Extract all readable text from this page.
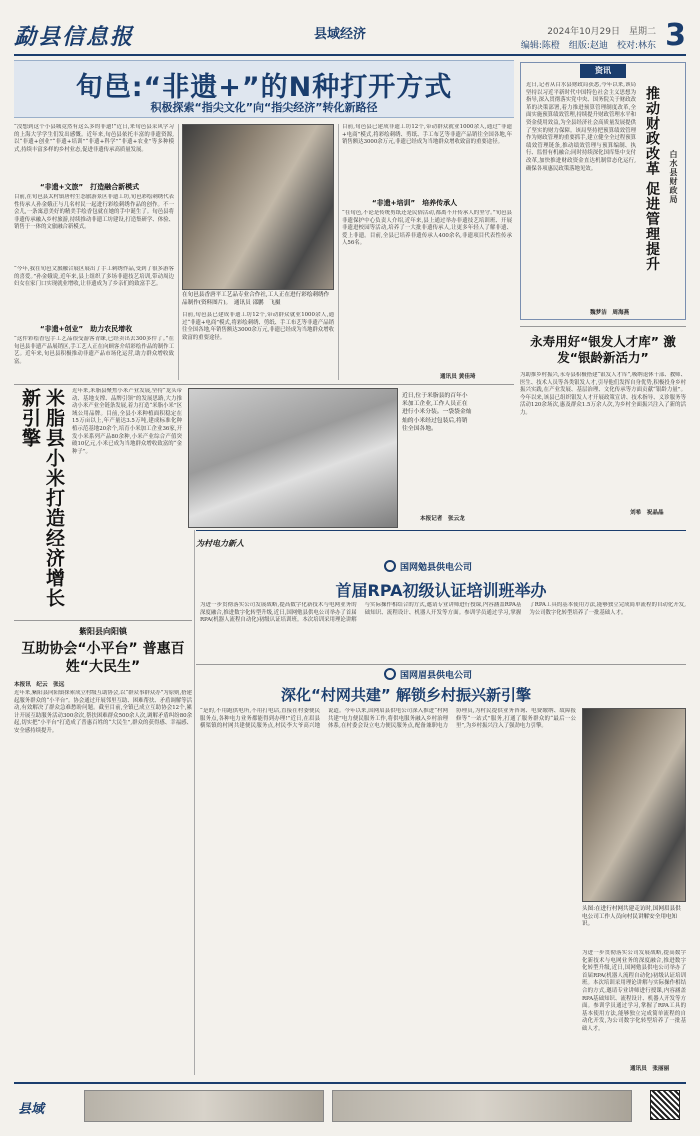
勐县信息报	县域经济	2024年10月29日　星期二
编辑:陈橙　组版:赵迪　校对:林东 3
旬邑:“非遗+”的N种打开方式
积极探索“指尖文化”向“指尖经济”转化新路径
“没想到这个小县城竟然有这么多的非遗!”近日,来旬邑县采风学习的上海大学学生们发出感慨。近年来,旬邑县依托丰富的非遗资源,以“非遗+创业”“非遗+培训”“非遗+科学”“非遗+农业”等多种模式,持续丰富多样的乡村业态,促进非遗传承高质量发展。
“非遗+文旅”　打造融合新模式
目前,在旬邑县太村镇唐村生态旅游景区非遗工坊,旬邑彩绘刺绣代表性传承人孙金娥正与几名村民一起进行彩绘刺绣作品的创作。不一会儿,一条寓意美好的精美手绘香包就在她的手中诞生了。旬邑县将非遗传承融入乡村旅游,持续推动非遗工坊建设,打造集研学、体验、销售于一体的文旅融合新模式。
“今年,我在旬邑文旅融合展区展出了手工刺绣作品,受到了很多游客的喜爱。”孙金娥说,近年来,县上组织了多场非遗技艺培训,带动周边妇女在家门口实现就业增收,让非遗成为了乡亲们的致富手艺。
“非遗+创业”　助力农民增收
“这件彩绘香包手工艺品很受游客青睐,已经卖出去300多件了。”在旬邑县非遗产品展销区,手工艺人正在向顾客介绍彩绘作品的制作工艺。近年来,旬邑县积极推动非遗产品市场化运营,助力群众增收致富。
在旬邑县香唐平工艺品专业合作社,工人正在进行彩绘刺绣作品制作(资料图片)。　通讯员 邵鹏　飞摄
目前,旬邑县已建成非遗工坊12个,带动群众就业1000余人,通过“非遗+电商”模式,将彩绘刺绣、剪纸、手工布艺等非遗产品销往全国各地,年销售额达3000余万元,非遗已经成为当地群众增收致富的重要途径。
目前,旬邑县已建成非遗工坊12个,带动群众就业1000余人,通过“非遗+电商”模式,将彩绘刺绣、剪纸、手工布艺等非遗产品销往全国各地,年销售额达3000余万元,非遗已经成为当地群众增收致富的重要途径。
“非遗+培训”　培养传承人
“在旬邑,不论是传统剪纸还是民俗活动,都离不开传承人的坚守。”旬邑县非遗保护中心负责人介绍,近年来,县上通过举办非遗技艺培训班、开展非遗进校园等活动,培养了一大批非遗传承人,让更多年轻人了解非遗、爱上非遗。目前,全县已培养非遗传承人400余名,非遗项目代表性传承人56名。
通讯员 黄佳琦
资讯
近日,记者从白水县财政局获悉,今年以来,该局坚持以习近平新时代中国特色社会主义思想为指导,深入贯彻落实党中央、国务院关于财政改革的决策部署,着力推进预算管理制度改革,全面实施预算绩效管理,持续提升财政管理水平和资金使用效益,为全县经济社会高质量发展提供了坚实的财力保障。该局坚持把预算绩效管理作为财政管理的重要抓手,建立健全全过程预算绩效管理链条,推动绩效管理与预算编制、执行、监督有机融合;同时持续深化国库集中支付改革,加快推进财政资金直达机制常态化运行,确保各项惠民政策落地见效。	推动财政改革 促进管理提升 白水县财政局
魏梦洁　周海燕
永寿用好“银发人才库” 激发“银龄新活力”
为助推乡村振兴,永寿县积极搭建“银发人才库”,吸纳退休干部、教师、医生、技术人员等各类银发人才,引导他们发挥自身优势,积极投身乡村振兴实践,在产业发展、基层治理、文化传承等方面贡献“银龄力量”。今年以来,该县已组织银发人才开展政策宣讲、技术指导、义诊服务等活动120余场次,惠及群众1.5万余人次,为乡村全面振兴注入了新的活力。
刘希　祝晶晶
米脂县小米打造经济增长新引擎	近年来,米脂县聚焦小米产业发展,坚持“龙头带动、基地支撑、品牌引领”的发展思路,大力推动小米产业全链条发展,着力打造“米脂小米”区域公用品牌。目前,全县小米种植面积稳定在15万亩以上,年产量达3.5万吨,建成标准化种植示范基地20余个,培育小米加工企业36家,开发小米系列产品80余种,小米产业综合产值突破10亿元,小米已成为当地群众增收致富的“金种子”。
近日,位于米脂县的百年小米加工企业,工作人员正在进行小米分装。一袋袋金灿灿的小米经过包装后,将销往全国各地。
本报记者　张云龙
紫阳县向阳镇
互助协会“小平台” 普惠百姓“大民生”
本报讯　纪云　张远
近年来,紫阳县向阳镇探索成立村级互助协会,以“群众事群众办”为原则,搭建起服务群众的“小平台”。协会通过开展邻里互助、困难帮扶、矛盾调解等活动,有效解决了群众急难愁盼问题。截至目前,全镇已成立互助协会12个,累计开展互助服务活动300余次,帮扶困难群众500余人次,调解矛盾纠纷80余起,切实把“小平台”打造成了普惠百姓的“大民生”,群众的获得感、幸福感、安全感持续提升。
为村电力新人
国网勉县供电公司
首届RPA初级认证培训班举办
为进一步贯彻落实公司发展战略,提高数字化新技术与电网业务的深度融合,推进数字化转型升级,近日,国网勉县供电公司举办了首届RPA(机器人流程自动化)初级认证培训班。本次培训采用理论讲解与实际操作相结合的方式,邀请专业讲师进行授课,内容涵盖RPA基础知识、流程设计、机器人开发等方面。参训学员通过学习,掌握了RPA工具的基本使用方法,能够独立完成简单流程的自动化开发,为公司数字化转型培养了一批基础人才。
国网眉县供电公司
深化“村网共建” 解锁乡村振兴新引擎
“是的,不用跑供电所,不用打电话,直接在村委便民服务点,各种电力业务都能得到办理!”近日,在眉县横渠镇的村网共建便民服务点,村民李大爷高兴地说道。今年以来,国网眉县供电公司深入推进“村网共建”电力便民服务工作,将供电服务融入乡村治理体系,在村委会设立电力便民服务点,配备兼职电力协理员,为村民提供业务咨询、电费缴纳、故障报修等“一站式”服务,打通了服务群众的“最后一公里”,为乡村振兴注入了强劲电力引擎。
头图:在进行村网共建走访时,国网眉县供电公司工作人员向村民讲解安全用电知识。
为进一步贯彻落实公司发展战略,提高数字化新技术与电网业务的深度融合,推进数字化转型升级,近日,国网勉县供电公司举办了首届RPA(机器人流程自动化)初级认证培训班。本次培训采用理论讲解与实际操作相结合的方式,邀请专业讲师进行授课,内容涵盖RPA基础知识、流程设计、机器人开发等方面。参训学员通过学习,掌握了RPA工具的基本使用方法,能够独立完成简单流程的自动化开发,为公司数字化转型培养了一批基础人才。
通讯员　张丽丽
县域
